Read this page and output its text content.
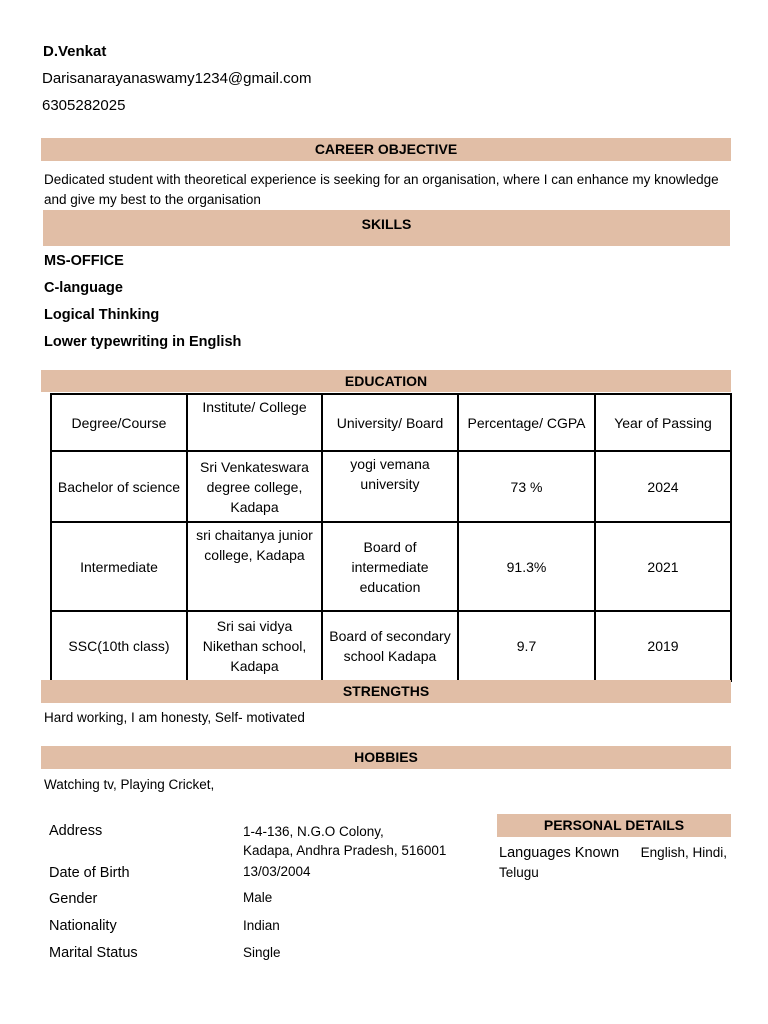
D.Venkat
Darisanarayanaswamy1234@gmail.com
6305282025
CAREER OBJECTIVE
Dedicated student with theoretical experience is seeking for an organisation, where I can enhance my knowledge and give my best to the organisation
SKILLS
MS-OFFICE
C-language
Logical Thinking
Lower typewriting in English
EDUCATION
Degree/Course	Institute/ College	University/ Board	Percentage/ CGPA	Year of Passing
Bachelor of science	Sri Venkateswara degree college, Kadapa	yogi vemana university	73 %	2024
Intermediate	sri chaitanya junior college, Kadapa	Board of intermediate education	91.3%	2021
SSC(10th class)	Sri sai vidya Nikethan school, Kadapa	Board of secondary school Kadapa	9.7	2019
STRENGTHS
Hard working, I am honesty, Self- motivated
HOBBIES
Watching tv, Playing Cricket,
Address	1-4-136, N.G.O Colony,
Kadapa, Andhra Pradesh, 516001
Date of Birth	13/03/2004
Gender	Male
Nationality	Indian
Marital Status	Single
PERSONAL DETAILS
Languages Known English, Hindi, Telugu
